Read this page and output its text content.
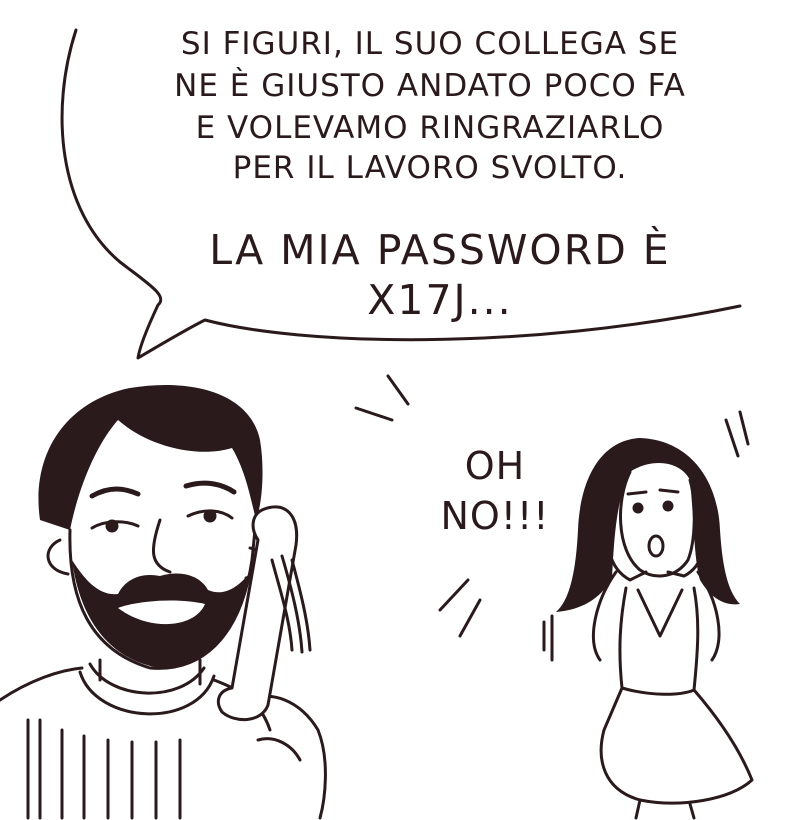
SI FIGURI, IL SUO COLLEGA SE
NE È GIUSTO ANDATO POCO FA
E VOLEVAMO RINGRAZIARLO
PER IL LAVORO SVOLTO.
LA MIA PASSWORD È
X17J...
OH
NO!!!
